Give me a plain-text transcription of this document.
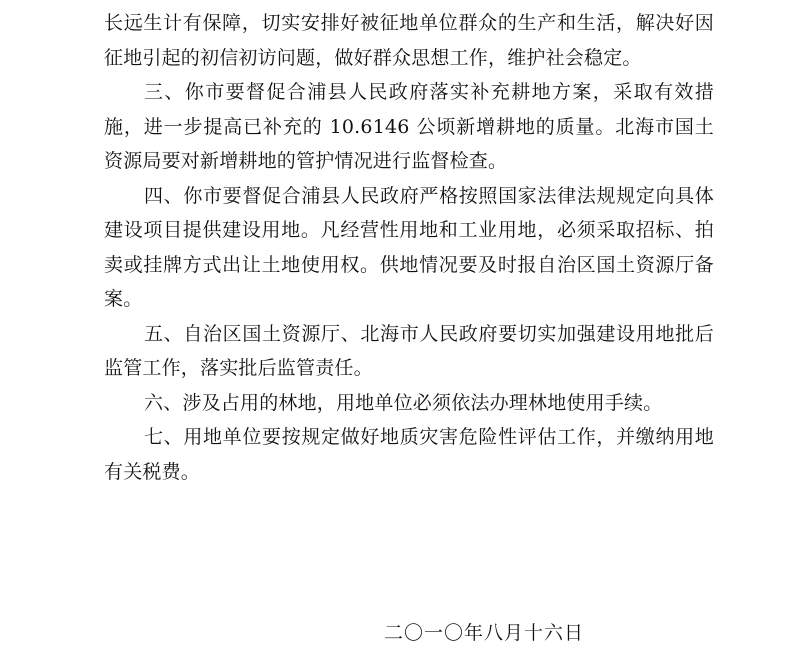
长远生计有保障，切实安排好被征地单位群众的生产和生活，解决好因征地引起的初信初访问题，做好群众思想工作，维护社会稳定。

三、你市要督促合浦县人民政府落实补充耕地方案，采取有效措施，进一步提高已补充的 10.6146 公顷新增耕地的质量。北海市国土资源局要对新增耕地的管护情况进行监督检查。

四、你市要督促合浦县人民政府严格按照国家法律法规规定向具体建设项目提供建设用地。凡经营性用地和工业用地，必须采取招标、拍卖或挂牌方式出让土地使用权。供地情况要及时报自治区国土资源厅备案。

五、自治区国土资源厅、北海市人民政府要切实加强建设用地批后监管工作，落实批后监管责任。

六、涉及占用的林地，用地单位必须依法办理林地使用手续。

七、用地单位要按规定做好地质灾害危险性评估工作，并缴纳用地有关税费。

二〇一〇年八月十六日
